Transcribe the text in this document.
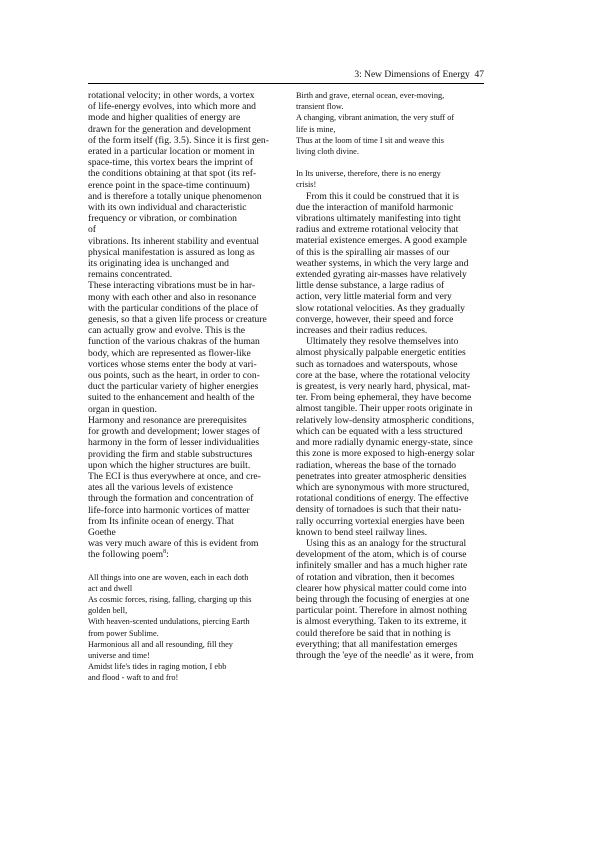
3: New Dimensions of Energy 47

rotational velocity; in other words, a vortex

of life-energy evolves, into which more and

mode and higher qualities of energy are

drawn for the generation and development

of the form itself (fig. 3.5). Since it is first gen-

erated in a particular location or moment in

space-time, this vortex bears the imprint of

the conditions obtaining at that spot (its ref-

erence point in the space-time continuum)

and is therefore a totally unique phenomenon

with its own individual and characteristic

frequency or vibration, or combination

of

vibrations. Its inherent stability and eventual

physical manifestation is assured as long as

its originating idea is unchanged and

remains concentrated.

These interacting vibrations must be in har-

mony with each other and also in resonance

with the particular conditions of the place of

genesis, so that a given life process or creature

can actually grow and evolve. This is the

function of the various chakras of the human

body, which are represented as flower-like

vortices whose stems enter the body at vari-

ous points, such as the heart, in order to con-

duct the particular variety of higher energies

suited to the enhancement and health of the

organ in question.

Harmony and resonance are prerequisites

for growth and development; lower stages of

harmony in the form of lesser individualities

providing the firm and stable substructures

upon which the higher structures are built.

The ECI is thus everywhere at once, and cre-

ates all the various levels of existence

through the formation and concentration of

life-force into harmonic vortices of matter

from Its infinite ocean of energy. That

Goethe

was very much aware of this is evident from

the following poem$^8$:

All things into one are woven, each in each doth

act and dwell

As cosmic forces, rising, falling, charging up this

golden bell,

With heaven-scented undulations, piercing Earth

from power Sublime.

Harmonious all and all resounding, fill they

universe and time!

Amidst life's tides in raging motion, I ebb

and flood - waft to and fro!

Birth and grave, eternal ocean, ever-moving,

transient flow.

A changing, vibrant animation, the very stuff of

life is mine,

Thus at the loom of time I sit and weave this

living cloth divine.

In Its universe, therefore, there is no energy

crisis!

From this it could be construed that it is

due the interaction of manifold harmonic

vibrations ultimately manifesting into tight

radius and extreme rotational velocity that

material existence emerges. A good example

of this is the spiralling air masses of our

weather systems, in which the very large and

extended gyrating air-masses have relatively

little dense substance, a large radius of

action, very little material form and very

slow rotational velocities. As they gradually

converge, however, their speed and force

increases and their radius reduces.

Ultimately they resolve themselves into

almost physically palpable energetic entities

such as tornadoes and waterspouts, whose

core at the base, where the rotational velocity

is greatest, is very nearly hard, physical, mat-

ter. From being ephemeral, they have become

almost tangible. Their upper roots originate in

relatively low-density atmospheric conditions,

which can be equated with a less structured

and more radially dynamic energy-state, since

this zone is more exposed to high-energy solar

radiation, whereas the base of the tornado

penetrates into greater atmospheric densities

which are synonymous with more structured,

rotational conditions of energy. The effective

density of tornadoes is such that their natu-

rally occurring vortexial energies have been

known to bend steel railway lines.

Using this as an analogy for the structural

development of the atom, which is of course

infinitely smaller and has a much higher rate

of rotation and vibration, then it becomes

clearer how physical matter could come into

being through the focusing of energies at one

particular point. Therefore in almost nothing

is almost everything. Taken to its extreme, it

could therefore be said that in nothing is

everything; that all manifestation emerges

through the 'eye of the needle' as it were, from
